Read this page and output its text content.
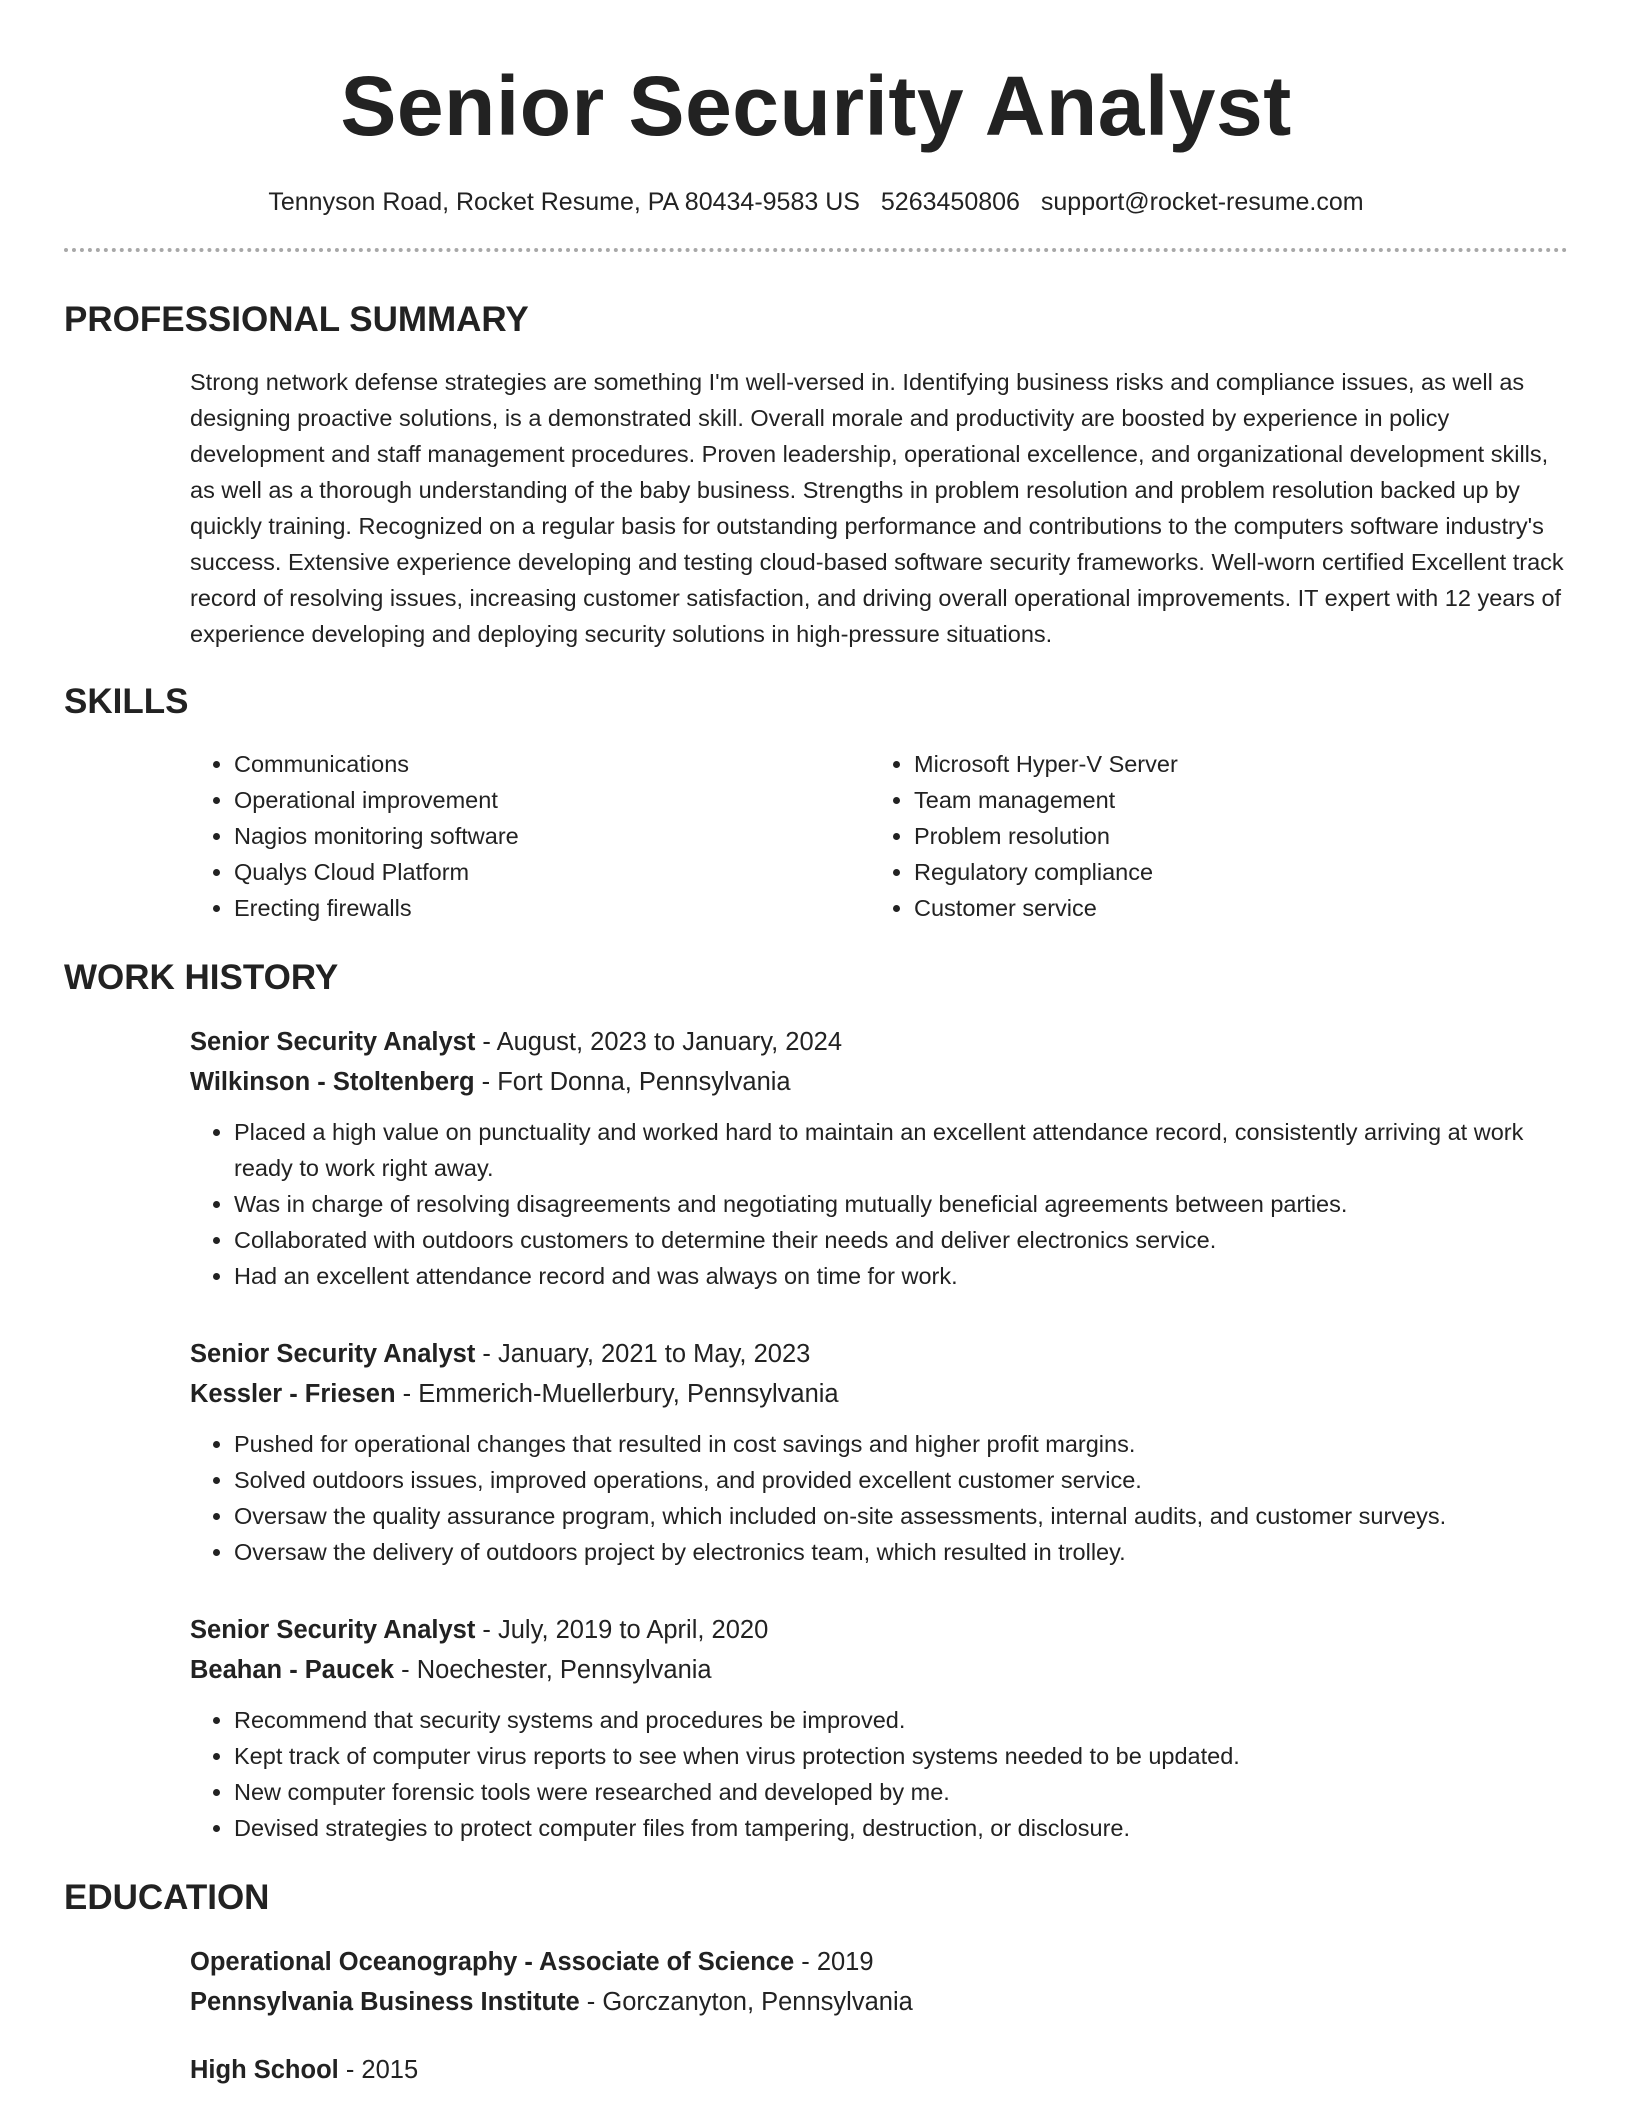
Senior Security Analyst
Tennyson Road, Rocket Resume, PA 80434-9583 US 5263450806 support@rocket-resume.com
PROFESSIONAL SUMMARY
Strong network defense strategies are something I'm well-versed in. Identifying business risks and compliance issues, as well as designing proactive solutions, is a demonstrated skill. Overall morale and productivity are boosted by experience in policy development and staff management procedures. Proven leadership, operational excellence, and organizational development skills, as well as a thorough understanding of the baby business. Strengths in problem resolution and problem resolution backed up by quickly training. Recognized on a regular basis for outstanding performance and contributions to the computers software industry's success. Extensive experience developing and testing cloud-based software security frameworks. Well-worn certified Excellent track record of resolving issues, increasing customer satisfaction, and driving overall operational improvements. IT expert with 12 years of experience developing and deploying security solutions in high-pressure situations.
SKILLS
• Communications
• Operational improvement
• Nagios monitoring software
• Qualys Cloud Platform
• Erecting firewalls
• Microsoft Hyper-V Server
• Team management
• Problem resolution
• Regulatory compliance
• Customer service
WORK HISTORY
Senior Security Analyst - August, 2023 to January, 2024
Wilkinson - Stoltenberg - Fort Donna, Pennsylvania
• Placed a high value on punctuality and worked hard to maintain an excellent attendance record, consistently arriving at work ready to work right away.
• Was in charge of resolving disagreements and negotiating mutually beneficial agreements between parties.
• Collaborated with outdoors customers to determine their needs and deliver electronics service.
• Had an excellent attendance record and was always on time for work.
Senior Security Analyst - January, 2021 to May, 2023
Kessler - Friesen - Emmerich-Muellerbury, Pennsylvania
• Pushed for operational changes that resulted in cost savings and higher profit margins.
• Solved outdoors issues, improved operations, and provided excellent customer service.
• Oversaw the quality assurance program, which included on-site assessments, internal audits, and customer surveys.
• Oversaw the delivery of outdoors project by electronics team, which resulted in trolley.
Senior Security Analyst - July, 2019 to April, 2020
Beahan - Paucek - Noechester, Pennsylvania
• Recommend that security systems and procedures be improved.
• Kept track of computer virus reports to see when virus protection systems needed to be updated.
• New computer forensic tools were researched and developed by me.
• Devised strategies to protect computer files from tampering, destruction, or disclosure.
EDUCATION
Operational Oceanography - Associate of Science - 2019
Pennsylvania Business Institute - Gorczanyton, Pennsylvania
High School - 2015
